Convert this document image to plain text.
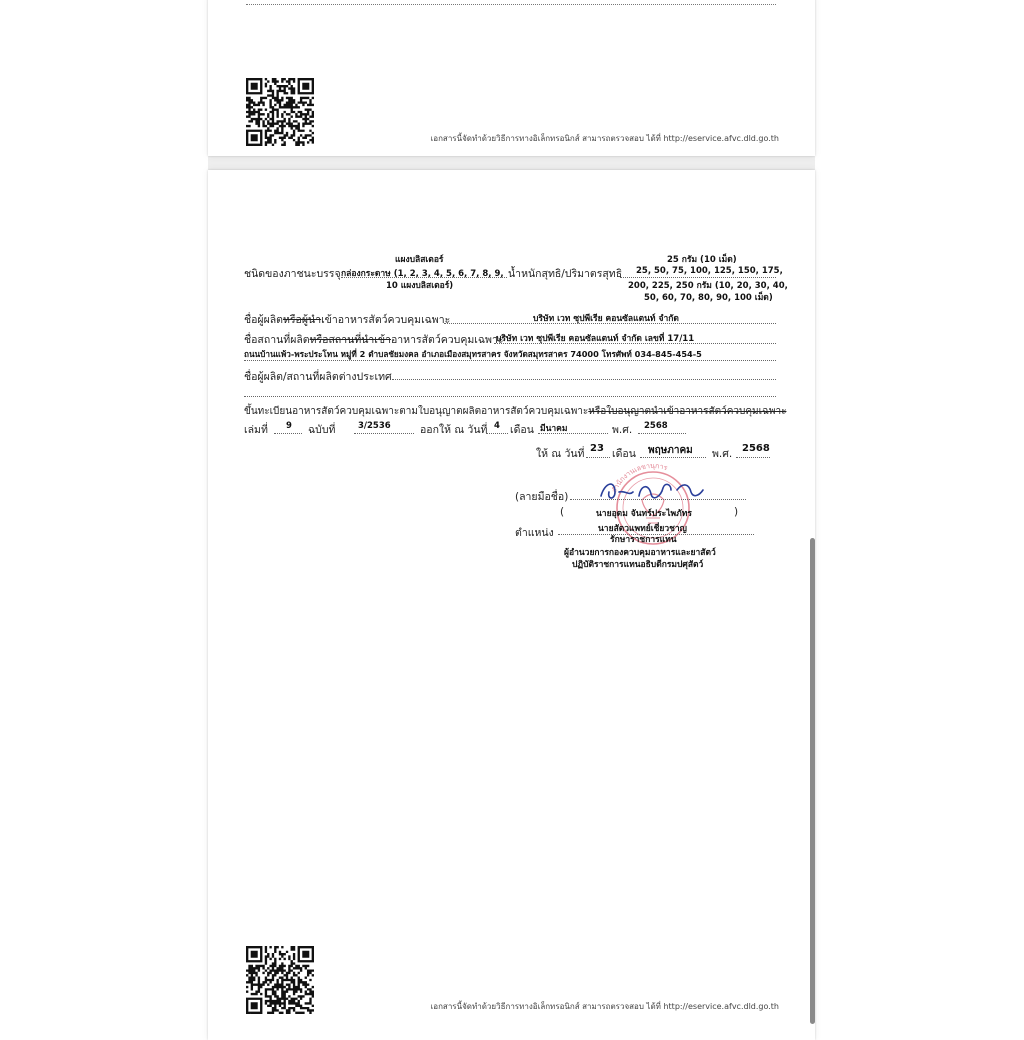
เอกสารนี้จัดทำด้วยวิธีการทางอิเล็กทรอนิกส์ สามารถตรวจสอบ ได้ที่ http://eservice.afvc.dld.go.th
แผงบลิสเตอร์
ชนิดของภาชนะบรรจุ กล่องกระดาษ (1, 2, 3, 4, 5, 6, 7, 8, 9,
10 แผงบลิสเตอร์)
25 กรัม (10 เม็ด)
น้ำหนักสุทธิ/ปริมาตรสุทธิ 25, 50, 75, 100, 125, 150, 175,
200, 225, 250 กรัม (10, 20, 30, 40,
50, 60, 70, 80, 90, 100 เม็ด)
ชื่อผู้ผลิตหรือผู้นำเข้าอาหารสัตว์ควบคุมเฉพาะ	บริษัท เวท ซุปพีเรีย คอนซัลแตนท์ จำกัด
ชื่อสถานที่ผลิตหรือสถานที่นำเข้าอาหารสัตว์ควบคุมเฉพาะ
บริษัท เวท ซุปพีเรีย คอนซัลแตนท์ จำกัด เลขที่ 17/11
ถนนบ้านแพ้ว-พระประโทน หมู่ที่ 2 ตำบลชัยมงคล อำเภอเมืองสมุทรสาคร จังหวัดสมุทรสาคร 74000 โทรศัพท์ 034-845-454-5
ชื่อผู้ผลิต/สถานที่ผลิตต่างประเทศ
ขึ้นทะเบียนอาหารสัตว์ควบคุมเฉพาะตามใบอนุญาตผลิตอาหารสัตว์ควบคุมเฉพาะหรือใบอนุญาตนำเข้าอาหารสัตว์ควบคุมเฉพาะ
เล่มที่ 9 ฉบับที่	3/2536	ออกให้ ณ วันที่ 4 เดือน มีนาคม	พ.ศ. 2568
ให้ ณ วันที่ 23 เดือน พฤษภาคม พ.ศ. 2568
สำนักงานเลขานุการ
(ลายมือชื่อ)
(	นายอุดม จันทร์ประไพภัทร	)
ตำแหน่ง	นายสัตวแพทย์เชี่ยวชาญ
รักษาราชการแทน
ผู้อำนวยการกองควบคุมอาหารและยาสัตว์
ปฏิบัติราชการแทนอธิบดีกรมปศุสัตว์
เอกสารนี้จัดทำด้วยวิธีการทางอิเล็กทรอนิกส์ สามารถตรวจสอบ ได้ที่ http://eservice.afvc.dld.go.th
